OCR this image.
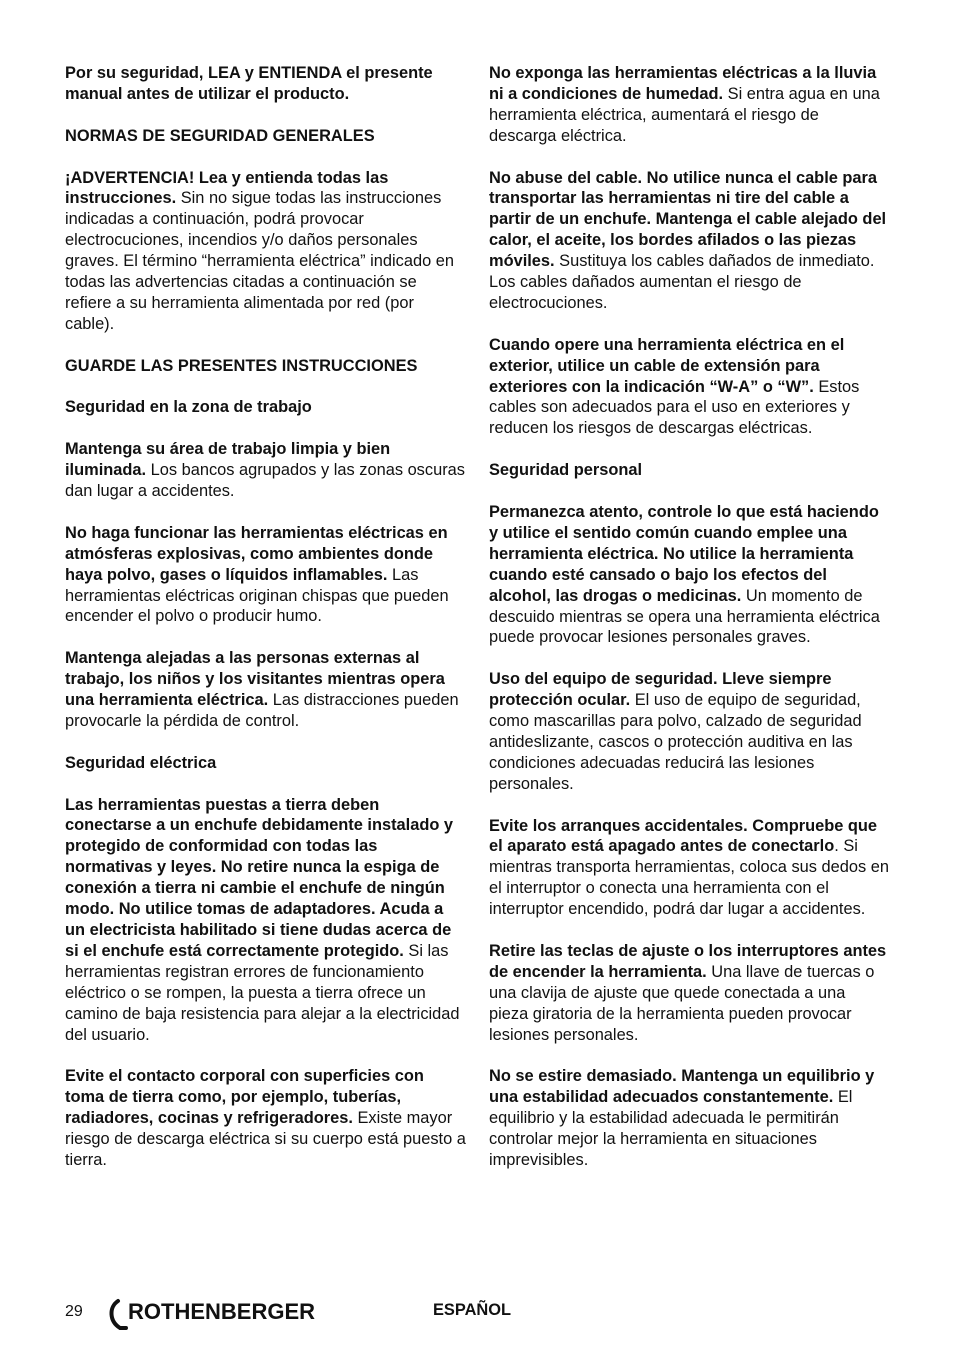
Por su seguridad, LEA y ENTIENDA el presente manual antes de utilizar el producto.

NORMAS DE SEGURIDAD GENERALES

¡ADVERTENCIA! Lea y entienda todas las instrucciones. Sin no sigue todas las instrucciones indicadas a continuación, podrá provocar electrocuciones, incendios y/o daños personales graves. El término “herramienta eléctrica” indicado en todas las advertencias citadas a continuación se refiere a su herramienta alimentada por red (por cable).

GUARDE LAS PRESENTES INSTRUCCIONES

Seguridad en la zona de trabajo

Mantenga su área de trabajo limpia y bien iluminada. Los bancos agrupados y las zonas oscuras dan lugar a accidentes.

No haga funcionar las herramientas eléctricas en atmósferas explosivas, como ambientes donde haya polvo, gases o líquidos inflamables. Las herramientas eléctricas originan chispas que pueden encender el polvo o producir humo.

Mantenga alejadas a las personas externas al trabajo, los niños y los visitantes mientras opera una herramienta eléctrica. Las distracciones pueden provocarle la pérdida de control.

Seguridad eléctrica

Las herramientas puestas a tierra deben conectarse a un enchufe debidamente instalado y protegido de conformidad con todas las normativas y leyes. No retire nunca la espiga de conexión a tierra ni cambie el enchufe de ningún modo. No utilice tomas de adaptadores. Acuda a un electricista habilitado si tiene dudas acerca de si el enchufe está correctamente protegido. Si las herramientas registran errores de funcionamiento eléctrico o se rompen, la puesta a tierra ofrece un camino de baja resistencia para alejar a la electricidad del usuario.

Evite el contacto corporal con superficies con toma de tierra como, por ejemplo, tuberías, radiadores, cocinas y refrigeradores. Existe mayor riesgo de descarga eléctrica si su cuerpo está puesto a tierra.

No exponga las herramientas eléctricas a la lluvia ni a condiciones de humedad. Si entra agua en una herramienta eléctrica, aumentará el riesgo de descarga eléctrica.

No abuse del cable. No utilice nunca el cable para transportar las herramientas ni tire del cable a partir de un enchufe. Mantenga el cable alejado del calor, el aceite, los bordes afilados o las piezas móviles. Sustituya los cables dañados de inmediato. Los cables dañados aumentan el riesgo de electrocuciones.

Cuando opere una herramienta eléctrica en el exterior, utilice un cable de extensión para exteriores con la indicación “W-A” o “W”. Estos cables son adecuados para el uso en exteriores y reducen los riesgos de descargas eléctricas.

Seguridad personal

Permanezca atento, controle lo que está haciendo y utilice el sentido común cuando emplee una herramienta eléctrica. No utilice la herramienta cuando esté cansado o bajo los efectos del alcohol, las drogas o medicinas. Un momento de descuido mientras se opera una herramienta eléctrica puede provocar lesiones personales graves.

Uso del equipo de seguridad. Lleve siempre protección ocular. El uso de equipo de seguridad, como mascarillas para polvo, calzado de seguridad antideslizante, cascos o protección auditiva en las condiciones adecuadas reducirá las lesiones personales.

Evite los arranques accidentales. Compruebe que el aparato está apagado antes de conectarlo. Si mientras transporta herramientas, coloca sus dedos en el interruptor o conecta una herramienta con el interruptor encendido, podrá dar lugar a accidentes.

Retire las teclas de ajuste o los interruptores antes de encender la herramienta. Una llave de tuercas o una clavija de ajuste que quede conectada a una pieza giratoria de la herramienta pueden provocar lesiones personales.

No se estire demasiado. Mantenga un equilibrio y una estabilidad adecuados constantemente. El equilibrio y la estabilidad adecuada le permitirán controlar mejor la herramienta en situaciones imprevisibles.

29 ROTHENBERGER	ESPAÑOL
